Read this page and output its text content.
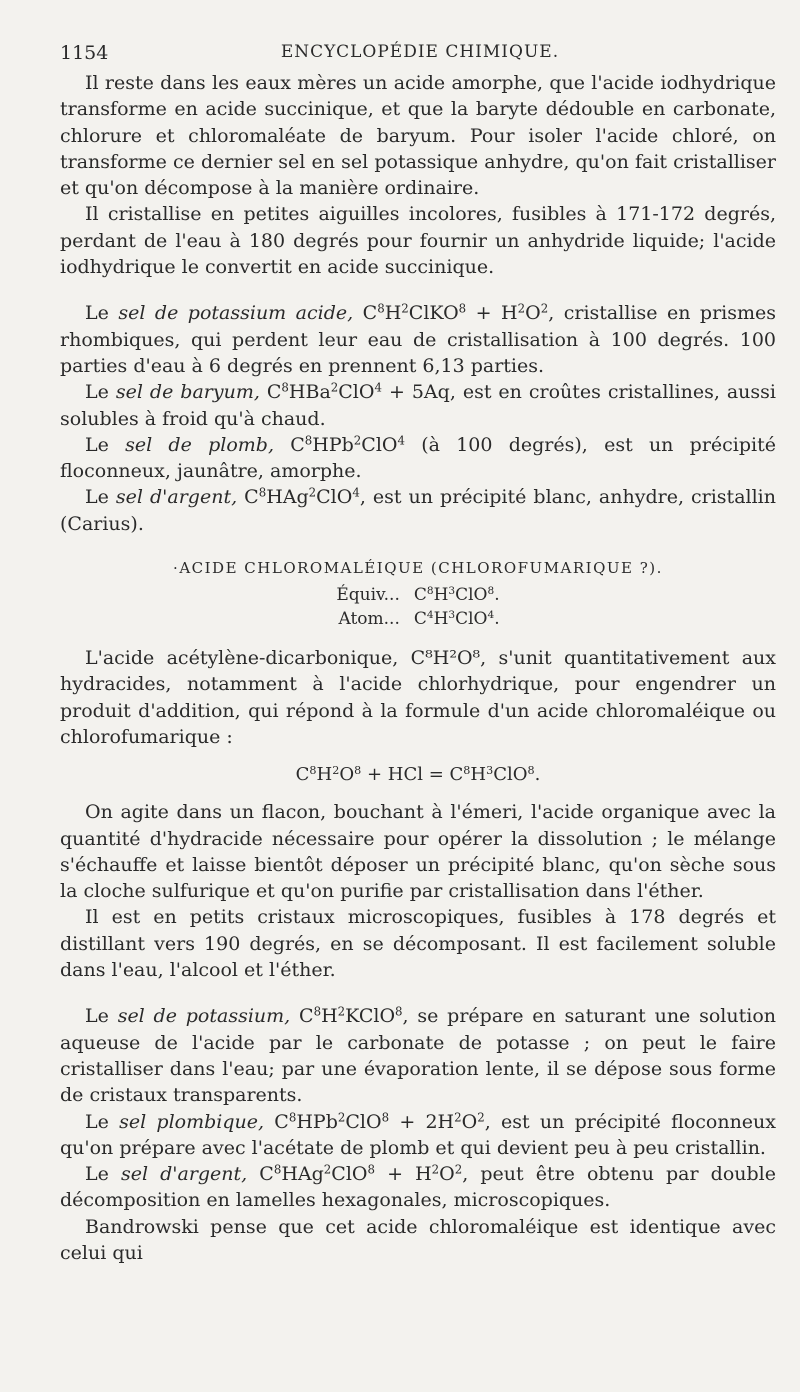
1154	ENCYCLOPÉDIE CHIMIQUE.

Il reste dans les eaux mères un acide amorphe, que l'acide iodhydrique transforme en acide succinique, et que la baryte dédouble en carbonate, chlorure et chloromaléate de baryum. Pour isoler l'acide chloré, on transforme ce dernier sel en sel potassique anhydre, qu'on fait cristalliser et qu'on décompose à la manière ordinaire.

Il cristallise en petites aiguilles incolores, fusibles à 171-172 degrés, perdant de l'eau à 180 degrés pour fournir un anhydride liquide; l'acide iodhydrique le convertit en acide succinique.

Le sel de potassium acide, $C^8H^2ClKO^8 + H^2O^2$, cristallise en prismes rhombiques, qui perdent leur eau de cristallisation à 100 degrés. 100 parties d'eau à 6 degrés en prennent 6,13 parties.

Le sel de baryum, $C^8HBa^2ClO^4 + 5Aq$, est en croûtes cristallines, aussi solubles à froid qu'à chaud.

Le sel de plomb, $C^8HPb^2ClO^4$ (à 100 degrés), est un précipité floconneux, jaunâtre, amorphe.

Le sel d'argent, $C^8HAg^2ClO^4$, est un précipité blanc, anhydre, cristallin (Carius).

·ACIDE CHLOROMALÉIQUE (CHLOROFUMARIQUE ?).
Équiv...	$C^8H^3ClO^8$.
Atom...	$C^4H^3ClO^4$.

L'acide acétylène-dicarbonique, C⁸H²O⁸, s'unit quantitativement aux hydracides, notamment à l'acide chlorhydrique, pour engendrer un produit d'addition, qui répond à la formule d'un acide chloromaléique ou chlorofumarique :

$C^8H^2O^8$ + HCl = $C^8H^3ClO^8$.

On agite dans un flacon, bouchant à l'émeri, l'acide organique avec la quantité d'hydracide nécessaire pour opérer la dissolution ; le mélange s'échauffe et laisse bientôt déposer un précipité blanc, qu'on sèche sous la cloche sulfurique et qu'on purifie par cristallisation dans l'éther.

Il est en petits cristaux microscopiques, fusibles à 178 degrés et distillant vers 190 degrés, en se décomposant. Il est facilement soluble dans l'eau, l'alcool et l'éther.

Le sel de potassium, $C^8H^2KClO^8$, se prépare en saturant une solution aqueuse de l'acide par le carbonate de potasse ; on peut le faire cristalliser dans l'eau; par une évaporation lente, il se dépose sous forme de cristaux transparents.

Le sel plombique, $C^8HPb^2ClO^8 + 2H^2O^2$, est un précipité floconneux qu'on prépare avec l'acétate de plomb et qui devient peu à peu cristallin.

Le sel d'argent, $C^8HAg^2ClO^8 + H^2O^2$, peut être obtenu par double décomposition en lamelles hexagonales, microscopiques.

Bandrowski pense que cet acide chloromaléique est identique avec celui qui
